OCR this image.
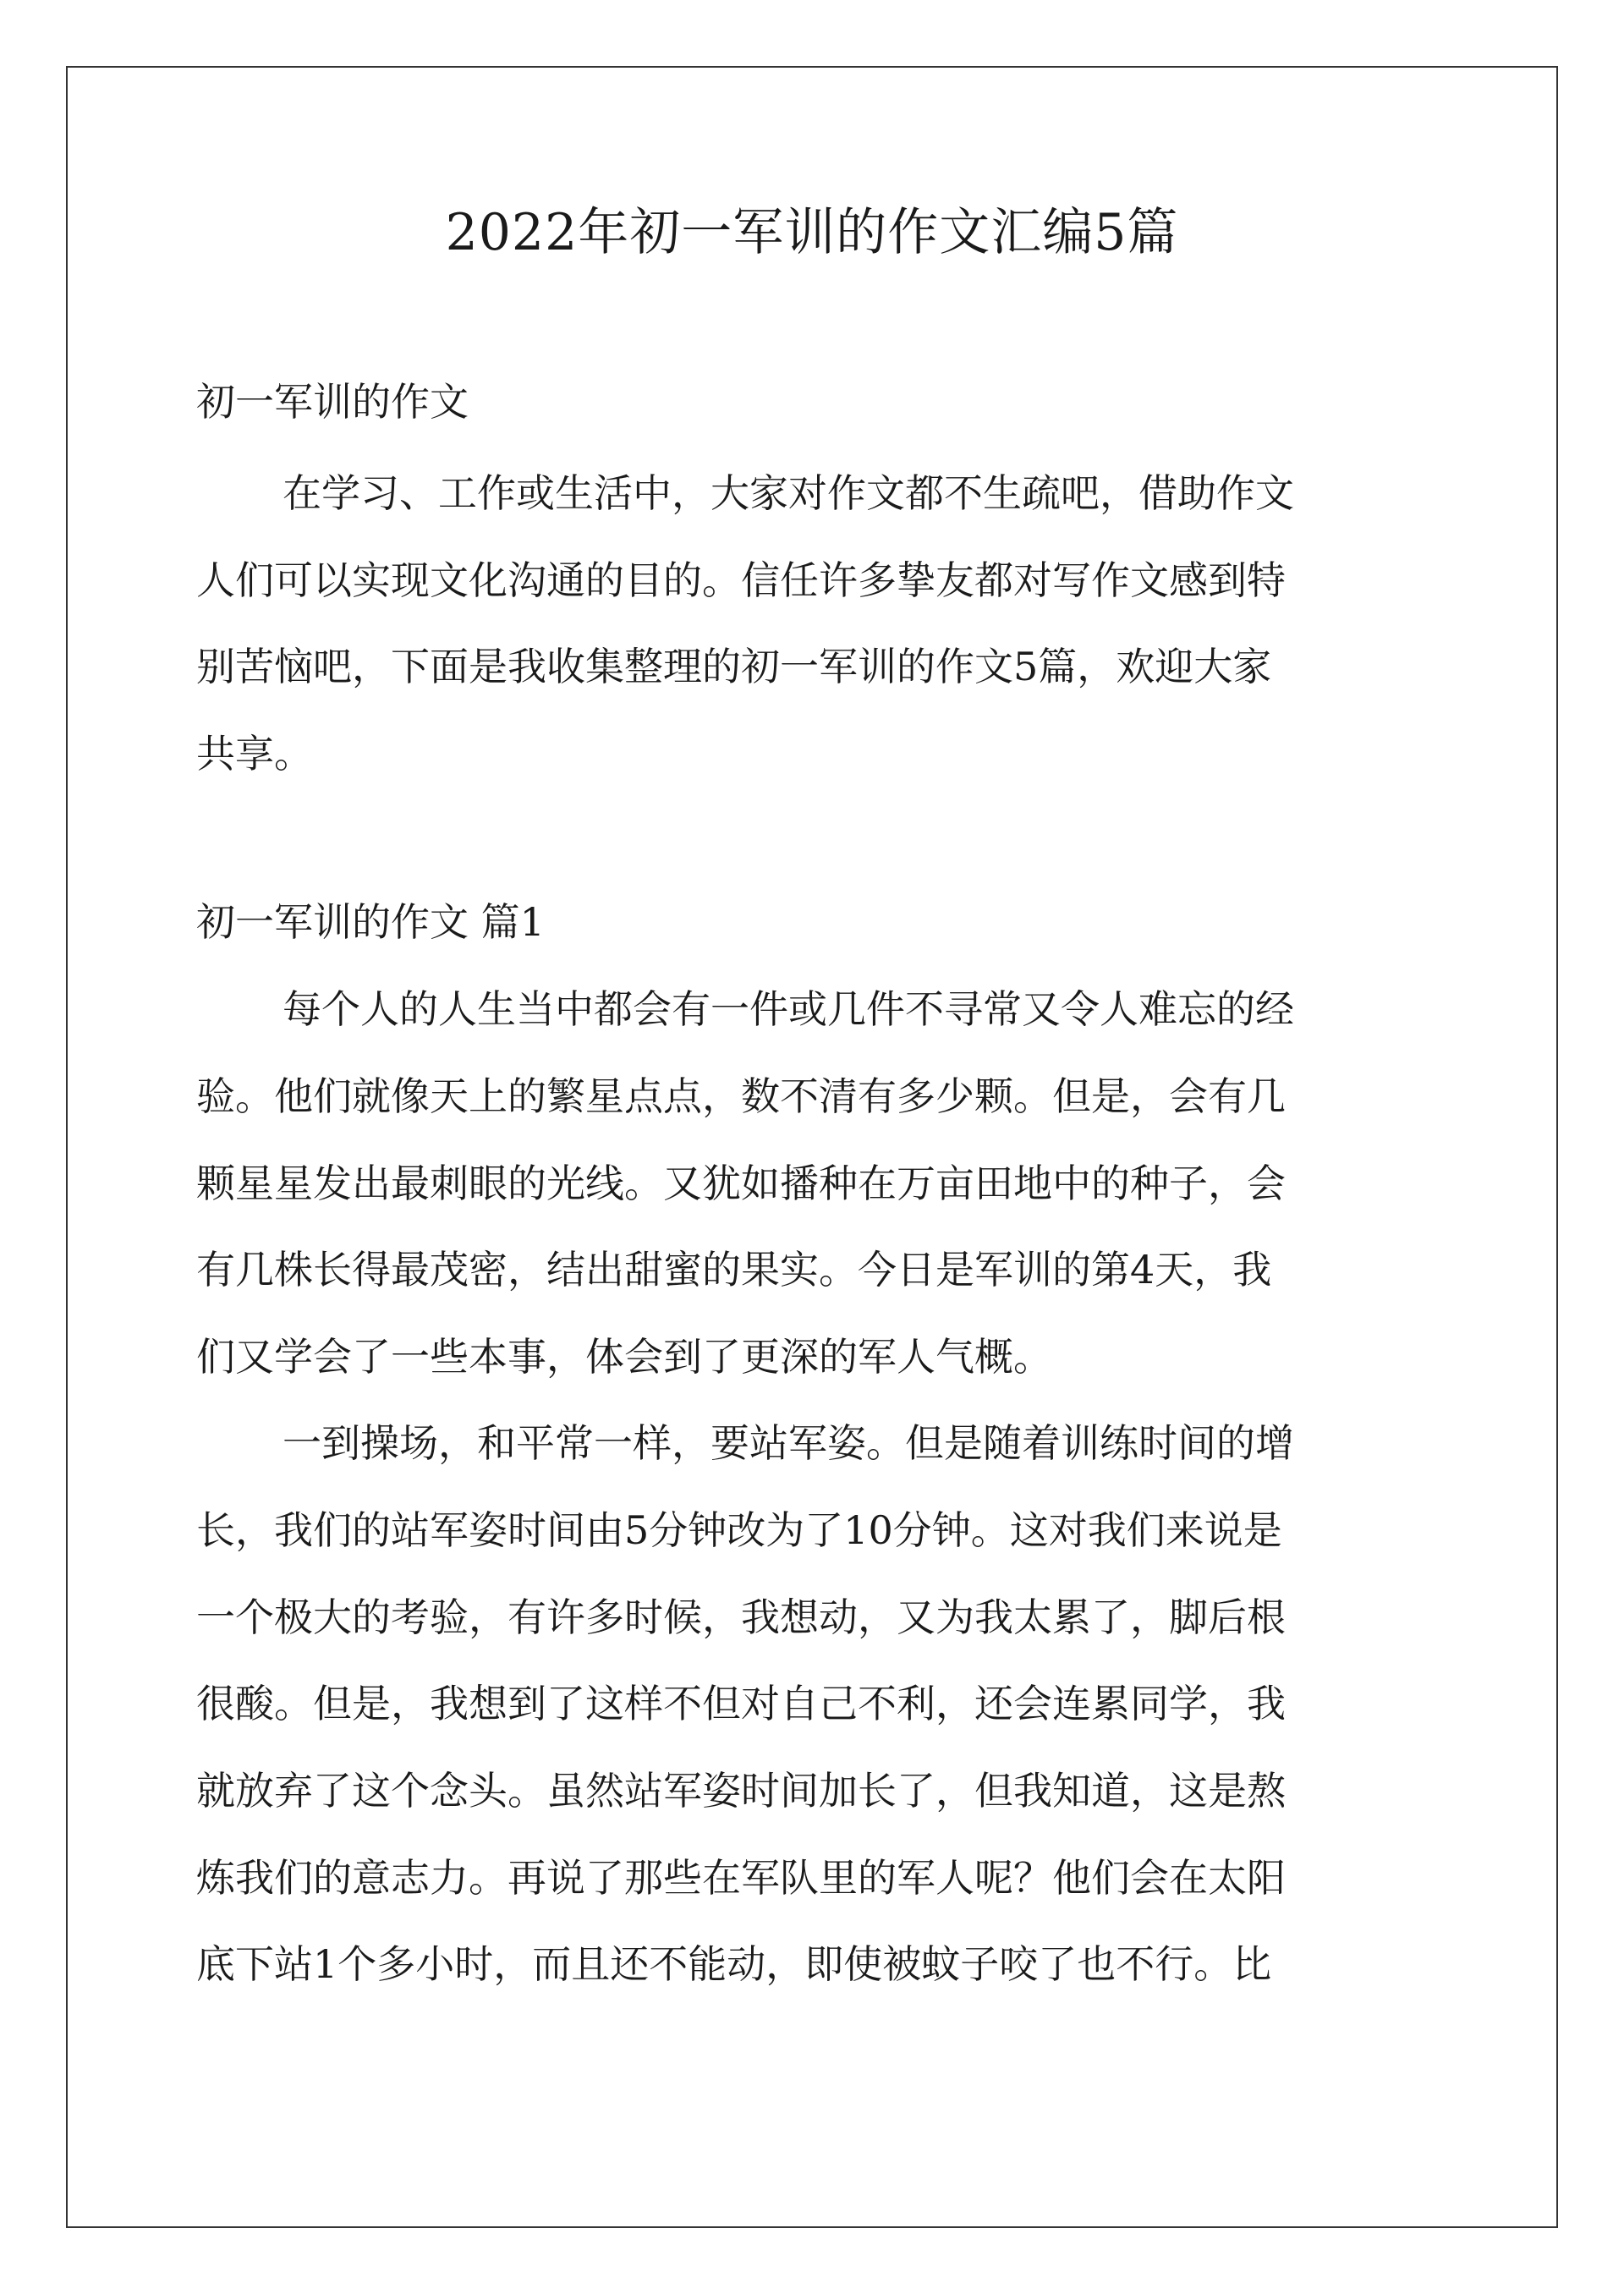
2022年初一军训的作文汇编5篇

初一军训的作文

在学习、工作或生活中，大家对作文都不生疏吧，借助作文

人们可以实现文化沟通的目的。信任许多挚友都对写作文感到特

别苦恼吧，下面是我收集整理的初一军训的作文5篇，欢迎大家

共享。

初一军训的作文 篇1

每个人的人生当中都会有一件或几件不寻常又令人难忘的经

验。他们就像天上的繁星点点，数不清有多少颗。但是，会有几

颗星星发出最刺眼的光线。又犹如播种在万亩田地中的种子，会

有几株长得最茂密，结出甜蜜的果实。今日是军训的第4天，我

们又学会了一些本事，体会到了更深的军人气概。

一到操场，和平常一样，要站军姿。但是随着训练时间的增

长，我们的站军姿时间由5分钟改为了10分钟。这对我们来说是

一个极大的考验，有许多时候，我想动，又为我太累了，脚后根

很酸。但是，我想到了这样不但对自己不利，还会连累同学，我

就放弃了这个念头。虽然站军姿时间加长了，但我知道，这是熬

炼我们的意志力。再说了那些在军队里的军人呢？他们会在太阳

底下站1个多小时，而且还不能动，即使被蚊子咬了也不行。比
